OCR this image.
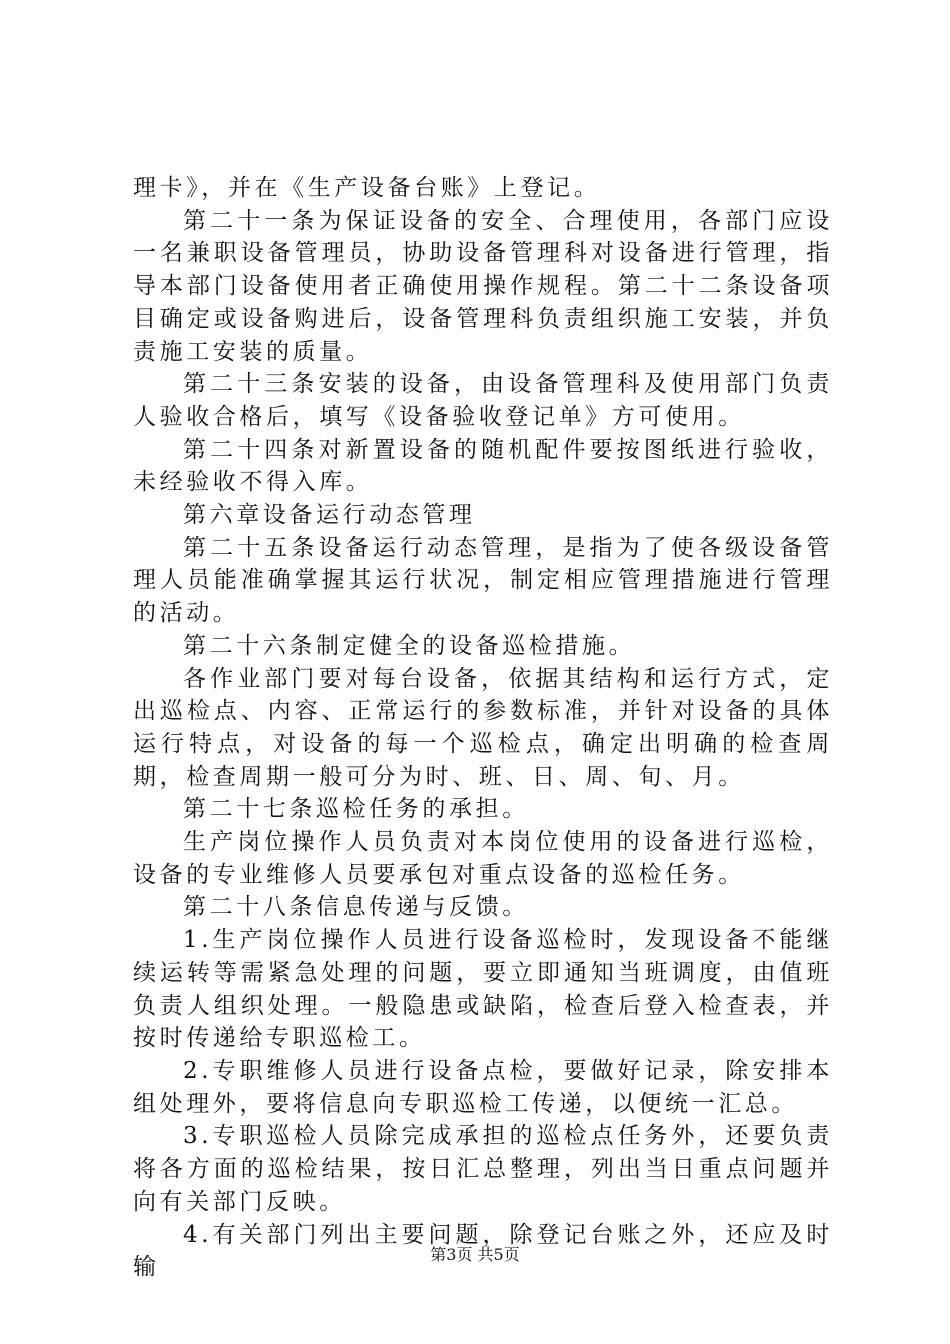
理卡》，并在《生产设备台账》上登记。

第二十一条为保证设备的安全、合理使用，各部门应设一名兼职设备管理员，协助设备管理科对设备进行管理，指导本部门设备使用者正确使用操作规程。第二十二条设备项目确定或设备购进后，设备管理科负责组织施工安装，并负责施工安装的质量。

第二十三条安装的设备，由设备管理科及使用部门负责人验收合格后，填写《设备验收登记单》方可使用。

第二十四条对新置设备的随机配件要按图纸进行验收，未经验收不得入库。

第六章设备运行动态管理

第二十五条设备运行动态管理，是指为了使各级设备管理人员能准确掌握其运行状况，制定相应管理措施进行管理的活动。

第二十六条制定健全的设备巡检措施。

各作业部门要对每台设备，依据其结构和运行方式，定出巡检点、内容、正常运行的参数标准，并针对设备的具体运行特点，对设备的每一个巡检点，确定出明确的检查周期，检查周期一般可分为时、班、日、周、旬、月。

第二十七条巡检任务的承担。

生产岗位操作人员负责对本岗位使用的设备进行巡检，设备的专业维修人员要承包对重点设备的巡检任务。

第二十八条信息传递与反馈。

1.生产岗位操作人员进行设备巡检时，发现设备不能继续运转等需紧急处理的问题，要立即通知当班调度，由值班负责人组织处理。一般隐患或缺陷，检查后登入检查表，并按时传递给专职巡检工。

2.专职维修人员进行设备点检，要做好记录，除安排本组处理外，要将信息向专职巡检工传递，以便统一汇总。

3.专职巡检人员除完成承担的巡检点任务外，还要负责将各方面的巡检结果，按日汇总整理，列出当日重点问题并向有关部门反映。

4.有关部门列出主要问题，除登记台账之外，还应及时输	第3页 共5页
